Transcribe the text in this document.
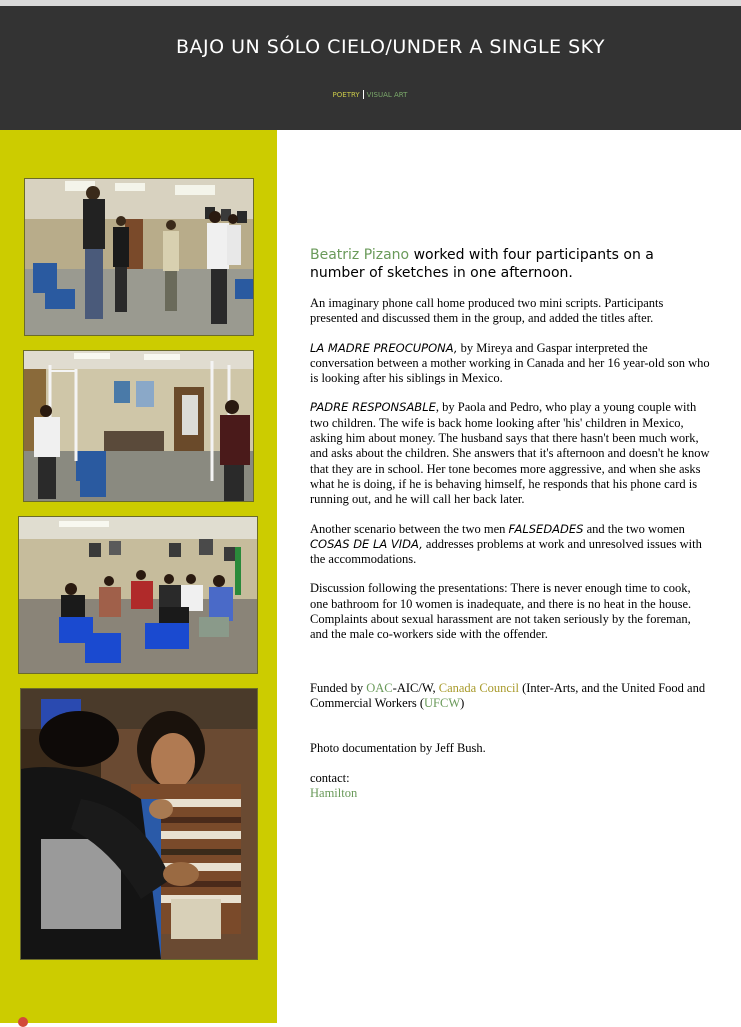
BAJO UN SÓLO CIELO/UNDER A SINGLE SKY
POETRY VISUAL ART

Beatriz Pizano worked with four participants on a number of sketches in one afternoon.

An imaginary phone call home produced two mini scripts. Participants presented and discussed them in the group, and added the titles after.

LA MADRE PREOCUPONA, by Mireya and Gaspar interpreted the conversation between a mother working in Canada and her 16 year-old son who is looking after his siblings in Mexico.

PADRE RESPONSABLE, by Paola and Pedro, who play a young couple with two children. The wife is back home looking after 'his' children in Mexico, asking him about money. The husband says that there hasn't been much work, and asks about the children. She answers that it's afternoon and doesn't he know that they are in school. Her tone becomes more aggressive, and when she asks what he is doing, if he is behaving himself, he responds that his phone card is running out, and he will call her back later.

Another scenario between the two men FALSEDADES and the two women COSAS DE LA VIDA, addresses problems at work and unresolved issues with the accommodations.

Discussion following the presentations: There is never enough time to cook, one bathroom for 10 women is inadequate, and there is no heat in the house. Complaints about sexual harassment are not taken seriously by the foreman, and the male co-workers side with the offender.

Funded by OAC-AIC/W, Canada Council (Inter-Arts, and the United Food and Commercial Workers (UFCW)

Photo documentation by Jeff Bush.

contact:

Hamilton
